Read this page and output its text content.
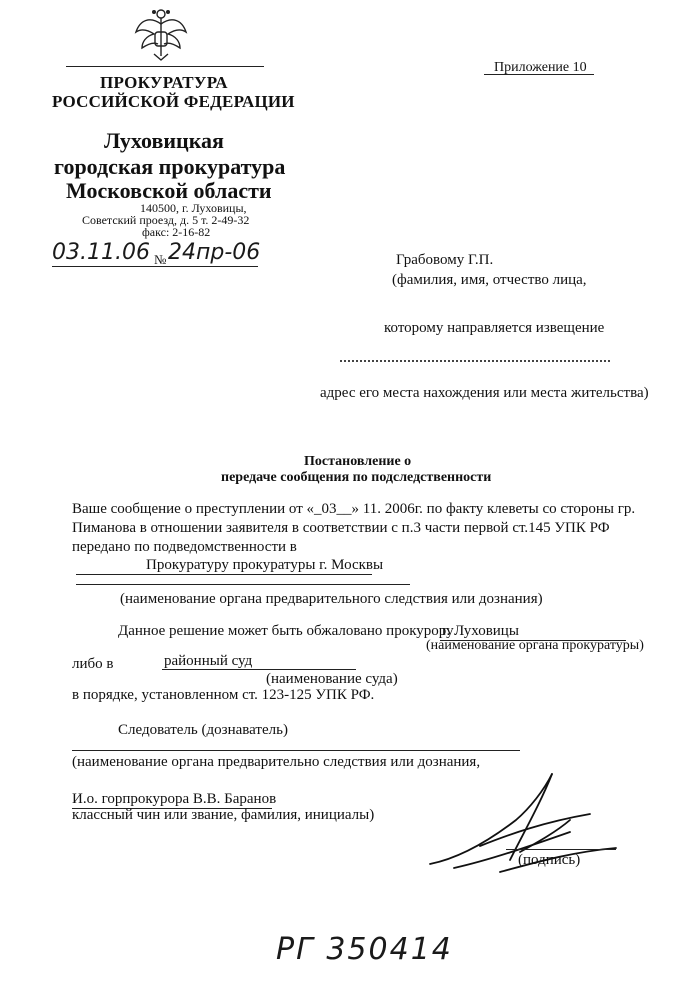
Приложение 10
ПРОКУРАТУРА
РОССИЙСКОЙ ФЕДЕРАЦИИ
Луховицкая
городская прокуратура
Московской области
140500, г. Луховицы,
Советский проезд, д. 5 т. 2-49-32
факс: 2-16-82
03.11.06 № 24пр-06	Грабовому Г.П.
(фамилия, имя, отчество лица,
которому направляется извещение
адрес его места нахождения или места жительства)
Постановление о
передаче сообщения по подследственности
Ваше сообщение о преступлении от «_03__» 11. 2006г. по факту клеветы со стороны гр.
Пиманова в отношении заявителя в соответствии с п.3 части первой ст.145 УПК РФ
передано по подведомственности в
Прокуратуру прокуратуры г. Москвы
(наименование органа предварительного следствия или дознания)
Данное решение может быть обжаловано прокурору
г. Луховицы
(наименование органа прокуратуры)
либо в	районный суд
(наименование суда)
в порядке, установленном ст. 123-125 УПК РФ.
Следователь (дознаватель)
(наименование органа предварительно следствия или дознания,
И.о. горпрокурора В.В. Баранов
классный чин или звание, фамилия, инициалы)
(подпись)
РГ 350414
